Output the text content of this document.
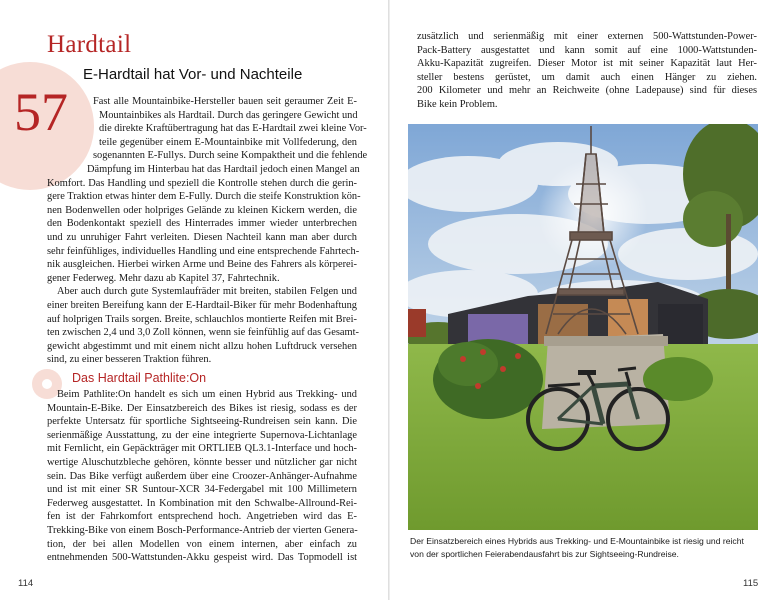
57
Hardtail
E-Hardtail hat Vor- und Nachteile
Fast alle Mountainbike-Hersteller bauen seit geraumer Zeit E-
Mountainbikes als Hardtail. Durch das geringere Gewicht und
die direkte Kraftübertragung hat das E-Hardtail zwei kleine Vor-
teile gegenüber einem E-Mountainbike mit Vollfederung, den
sogenannten E-Fullys. Durch seine Kompaktheit und die fehlende
Dämpfung im Hinterbau hat das Hardtail jedoch einen Mangel an
Komfort. Das Handling und speziell die Kontrolle stehen durch die gerin-
gere Traktion etwas hinter dem E-Fully. Durch die steife Konstruktion kön-
nen Bodenwellen oder holpriges Gelände zu kleinen Kickern werden, die
den Bodenkontakt speziell des Hinterrades immer wieder unterbrechen
und zu unruhiger Fahrt verleiten. Diesen Nachteil kann man aber durch
sehr feinfühliges, individuelles Handling und eine entsprechende Fahrtech-
nik ausgleichen. Hierbei wirken Arme und Beine des Fahrers als körperei-
gener Federweg. Mehr dazu ab Kapitel 37, Fahrtechnik.
Aber auch durch gute Systemlaufräder mit breiten, stabilen Felgen und
einer breiten Bereifung kann der E-Hardtail-Biker für mehr Bodenhaftung
auf holprigen Trails sorgen. Breite, schlauchlos montierte Reifen mit Brei-
ten zwischen 2,4 und 3,0 Zoll können, wenn sie feinfühlig auf das Gesamt-
gewicht abgestimmt und mit einem nicht allzu hohen Luftdruck versehen
sind, zu einer besseren Traktion führen.
Das Hardtail Pathlite:On
Beim Pathlite:On handelt es sich um einen Hybrid aus Trekking- und
Mountain-E-Bike. Der Einsatzbereich des Bikes ist riesig, sodass es der
perfekte Untersatz für sportliche Sightseeing-Rundreisen sein kann. Die
serienmäßige Ausstattung, zu der eine integrierte Supernova-Lichtanlage
mit Fernlicht, ein Gepäckträger mit ORTLIEB QL3.1-Interface und hoch-
wertige Aluschutzbleche gehören, könnte besser und nützlicher gar nicht
sein. Das Bike verfügt außerdem über eine Croozer-Anhänger-Aufnahme
und ist mit einer SR Suntour-XCR 34-Federgabel mit 100 Millimetern
Federweg ausgestattet. In Kombination mit den Schwalbe-Allround-Rei-
fen ist der Fahrkomfort entsprechend hoch. Angetrieben wird das E-
Trekking-Bike von einem Bosch-Performance-Antrieb der vierten Genera-
tion, der bei allen Modellen von einem internen, aber einfach zu
entnehmenden 500-Wattstunden-Akku gespeist wird. Das Topmodell ist
114
zusätzlich und serienmäßig mit einer externen 500-Wattstunden-Power-
Pack-Battery ausgestattet und kann somit auf eine 1000-Wattstunden-
Akku-Kapazität zugreifen. Dieser Motor ist mit seiner Kapazität laut Her-
steller bestens gerüstet, um damit auch einen Hänger zu ziehen.
200 Kilometer und mehr an Reichweite (ohne Ladepause) sind für dieses
Bike kein Problem.
Der Einsatzbereich eines Hybrids aus Trekking- und E-Mountainbike ist riesig und reicht
von der sportlichen Feierabendausfahrt bis zur Sightseeing-Rundreise.
115
